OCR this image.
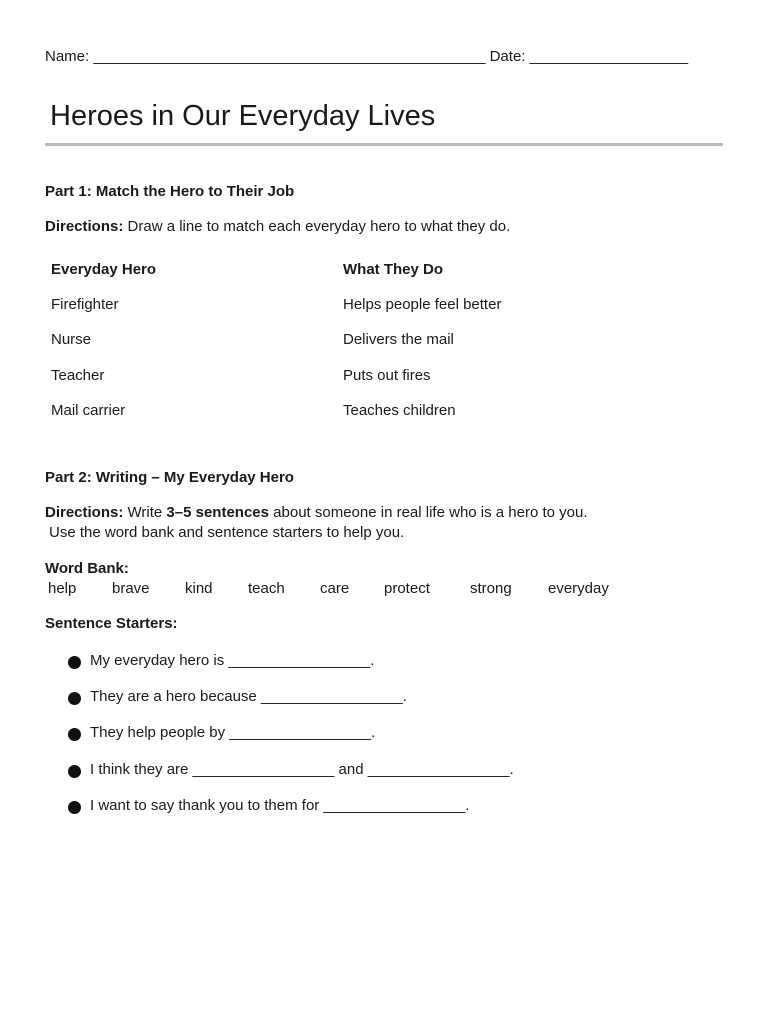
Name: _______________________________________________ Date: ___________________
Heroes in Our Everyday Lives
Part 1: Match the Hero to Their Job
Directions: Draw a line to match each everyday hero to what they do.
Everyday Hero	What They Do
Firefighter	Helps people feel better
Nurse	Delivers the mail
Teacher	Puts out fires
Mail carrier	Teaches children
Part 2: Writing – My Everyday Hero
Directions: Write 3–5 sentences about someone in real life who is a hero to you.
Use the word bank and sentence starters to help you.
Word Bank:
help brave kind teach care protect	strong everyday
Sentence Starters:
My everyday hero is _________________.
They are a hero because _________________.
They help people by _________________.
I think they are _________________ and _________________.
I want to say thank you to them for _________________.
